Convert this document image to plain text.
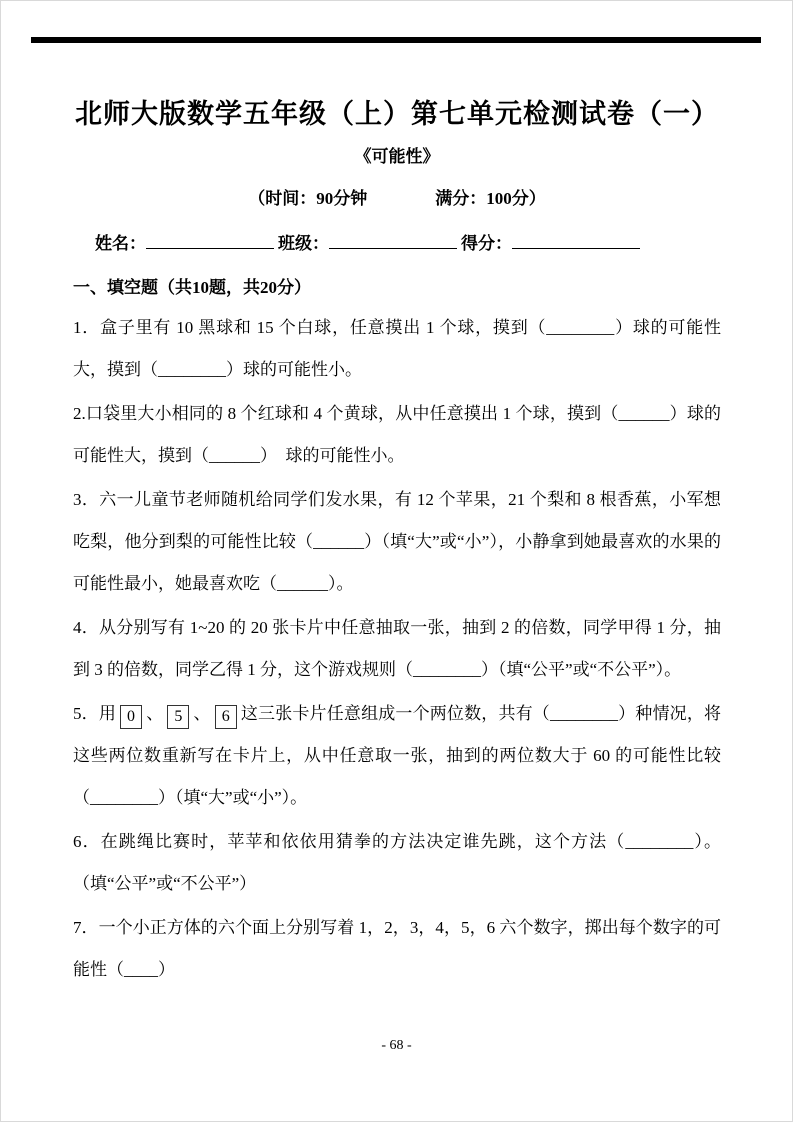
北师大版数学五年级（上）第七单元检测试卷（一）
《可能性》
（时间：90分钟　　　　满分：100分）
姓名：	班级：	得分：
一、填空题（共10题，共20分）

1．盒子里有 10 黑球和 15 个白球，任意摸出 1 个球，摸到（________）球的可能性大，摸到（________）球的可能性小。

2.口袋里大小相同的 8 个红球和 4 个黄球，从中任意摸出 1 个球，摸到（______）球的可能性大，摸到（______）　球的可能性小。

3．六一儿童节老师随机给同学们发水果，有 12 个苹果，21 个梨和 8 根香蕉，小军想吃梨，他分到梨的可能性比较（______）（填“大”或“小”），小静拿到她最喜欢的水果的可能性最小，她最喜欢吃（______）。

4．从分别写有 1~20 的 20 张卡片中任意抽取一张，抽到 2 的倍数，同学甲得 1 分，抽到 3 的倍数，同学乙得 1 分，这个游戏规则（________）（填“公平”或“不公平”）。

5．用 0 、 5 、 6 这三张卡片任意组成一个两位数，共有（________）种情况，将这些两位数重新写在卡片上，从中任意取一张，抽到的两位数大于 60 的可能性比较（________）（填“大”或“小”）。

6．在跳绳比赛时，苹苹和依依用猜拳的方法决定谁先跳，这个方法（________）。（填“公平”或“不公平”）

7．一个小正方体的六个面上分别写着 1，2，3，4，5，6 六个数字，掷出每个数字的可能性（____）

- 68 -
